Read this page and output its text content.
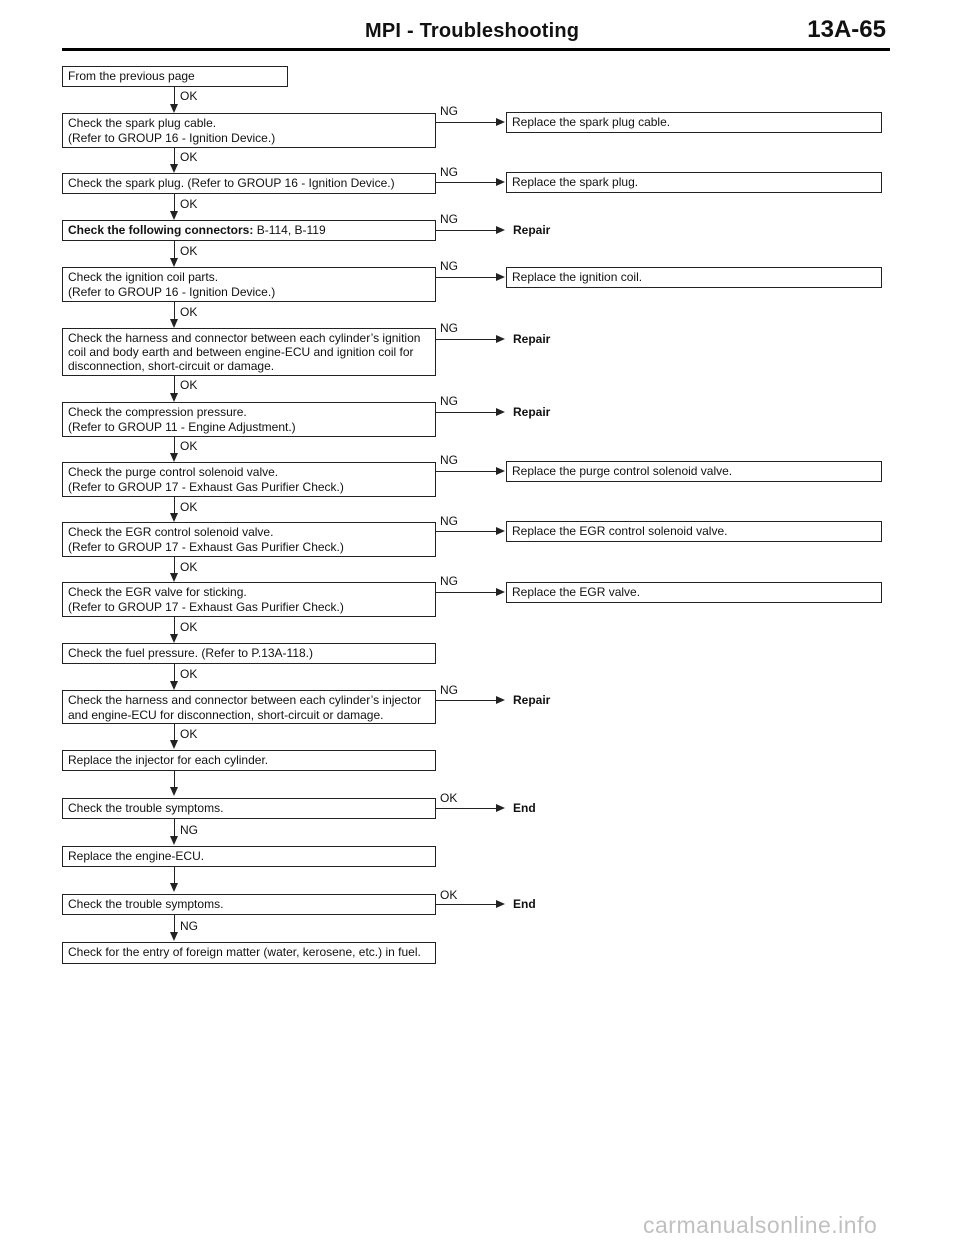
MPI - Troubleshooting	13A-65
From the previous page
OK
Check the spark plug cable.
(Refer to GROUP 16 - Ignition Device.)
NG
Replace the spark plug cable.
OK
Check the spark plug. (Refer to GROUP 16 - Ignition Device.)
NG
Replace the spark plug.
OK
Check the following connectors: B-114, B-119
NG
Repair
OK
Check the ignition coil parts.
(Refer to GROUP 16 - Ignition Device.)
NG
Replace the ignition coil.
OK
Check the harness and connector between each cylinder’s ignition coil and body earth and between engine-ECU and ignition coil for disconnection, short-circuit or damage.
NG
Repair
OK
Check the compression pressure.
(Refer to GROUP 11 - Engine Adjustment.)
NG
Repair
OK
Check the purge control solenoid valve.
(Refer to GROUP 17 - Exhaust Gas Purifier Check.)
NG
Replace the purge control solenoid valve.
OK
Check the EGR control solenoid valve.
(Refer to GROUP 17 - Exhaust Gas Purifier Check.)
NG
Replace the EGR control solenoid valve.
OK
Check the EGR valve for sticking.
(Refer to GROUP 17 - Exhaust Gas Purifier Check.)
NG
Replace the EGR valve.
OK
Check the fuel pressure. (Refer to P.13A-118.)
OK
Check the harness and connector between each cylinder’s injector and engine-ECU for disconnection, short-circuit or damage.
NG
Repair
OK
Replace the injector for each cylinder.
Check the trouble symptoms.
OK
End
NG
Replace the engine-ECU.
Check the trouble symptoms.
OK
End
NG
Check for the entry of foreign matter (water, kerosene, etc.) in fuel.
carmanualsonline.info
